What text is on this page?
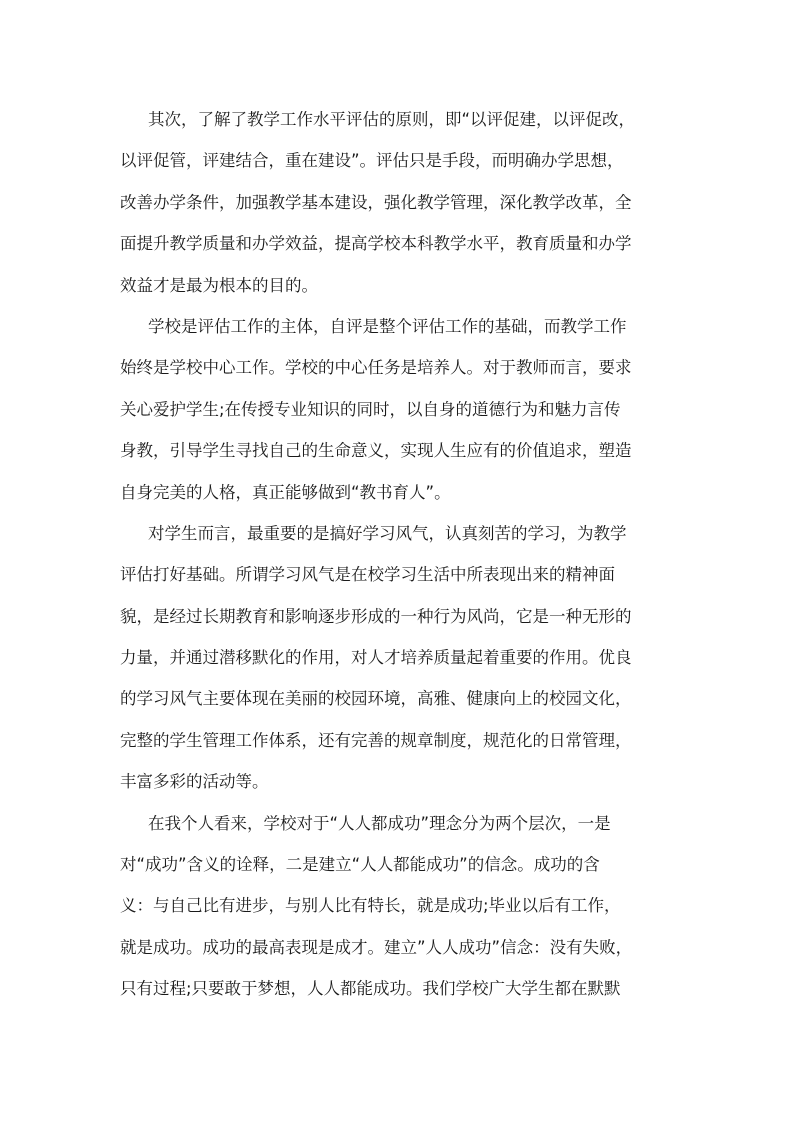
其次，了解了教学工作水平评估的原则，即“以评促建，以评促改，
以评促管，评建结合，重在建设”。评估只是手段，而明确办学思想，
改善办学条件，加强教学基本建设，强化教学管理，深化教学改革，全
面提升教学质量和办学效益，提高学校本科教学水平，教育质量和办学
效益才是最为根本的目的。
学校是评估工作的主体，自评是整个评估工作的基础，而教学工作
始终是学校中心工作。学校的中心任务是培养人。对于教师而言，要求
关心爱护学生;在传授专业知识的同时，以自身的道德行为和魅力言传
身教，引导学生寻找自己的生命意义，实现人生应有的价值追求，塑造
自身完美的人格，真正能够做到“教书育人”。
对学生而言，最重要的是搞好学习风气，认真刻苦的学习，为教学
评估打好基础。所谓学习风气是在校学习生活中所表现出来的精神面
貌，是经过长期教育和影响逐步形成的一种行为风尚，它是一种无形的
力量，并通过潜移默化的作用，对人才培养质量起着重要的作用。优良
的学习风气主要体现在美丽的校园环境，高雅、健康向上的校园文化，
完整的学生管理工作体系，还有完善的规章制度，规范化的日常管理，
丰富多彩的活动等。
在我个人看来，学校对于“人人都成功”理念分为两个层次，一是
对“成功”含义的诠释，二是建立“人人都能成功”的信念。成功的含
义：与自己比有进步，与别人比有特长，就是成功;毕业以后有工作，
就是成功。成功的最高表现是成才。建立”人人成功”信念：没有失败，
只有过程;只要敢于梦想，人人都能成功。我们学校广大学生都在默默
